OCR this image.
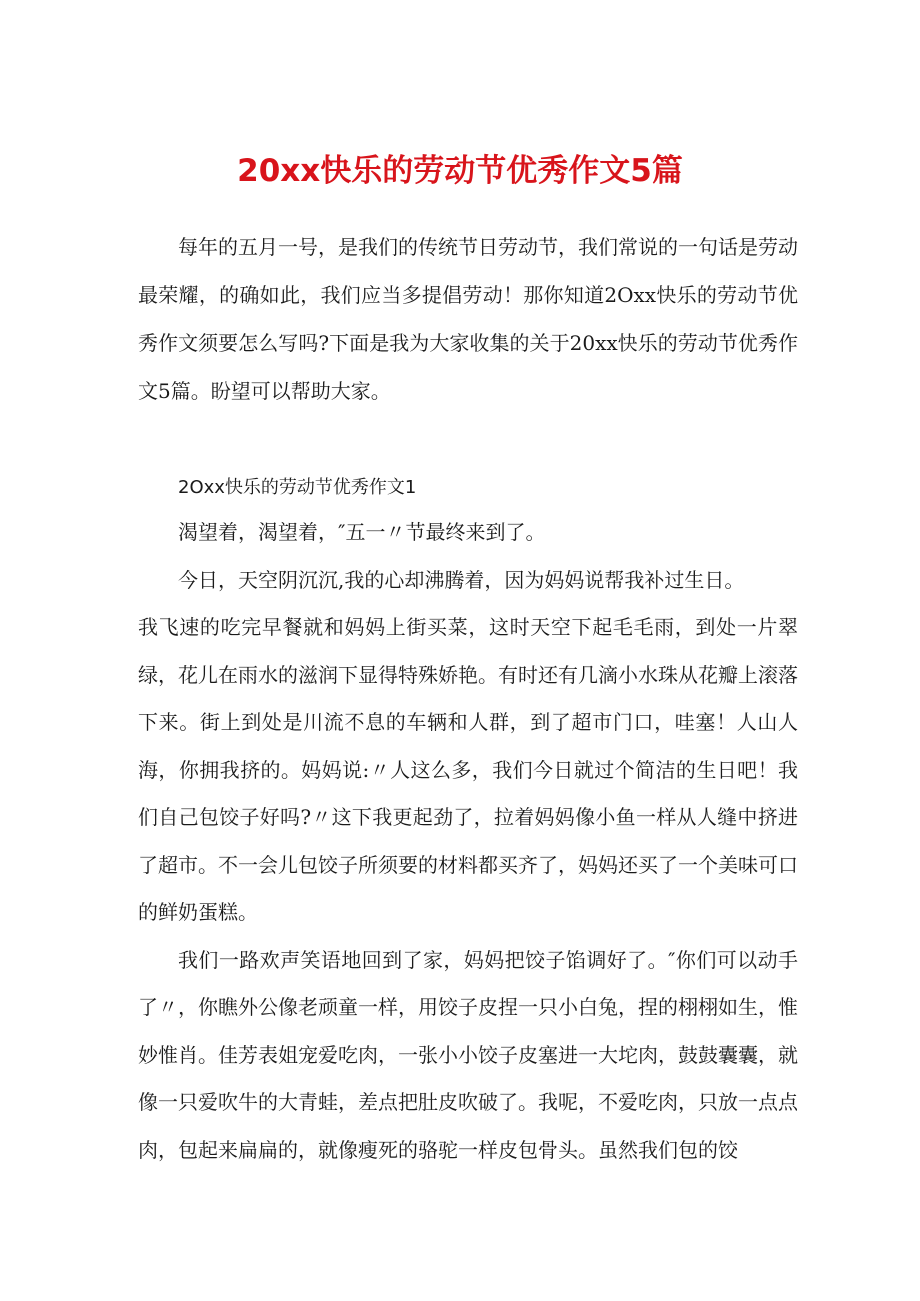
20xx快乐的劳动节优秀作文5篇

每年的五月一号，是我们的传统节日劳动节，我们常说的一句话是劳动最荣耀，的确如此，我们应当多提倡劳动！那你知道2Oxx快乐的劳动节优秀作文须要怎么写吗?下面是我为大家收集的关于20xx快乐的劳动节优秀作文5篇。盼望可以帮助大家。

2Oxx快乐的劳动节优秀作文1

渴望着，渴望着，″五一〃节最终来到了。

今日，天空阴沉沉,我的心却沸腾着，因为妈妈说帮我补过生日。

我飞速的吃完早餐就和妈妈上街买菜，这时天空下起毛毛雨，到处一片翠绿，花儿在雨水的滋润下显得特殊娇艳。有时还有几滴小水珠从花瓣上滚落下来。街上到处是川流不息的车辆和人群，到了超市门口，哇塞！人山人海，你拥我挤的。妈妈说:〃人这么多，我们今日就过个简洁的生日吧！我们自己包饺子好吗?〃这下我更起劲了，拉着妈妈像小鱼一样从人缝中挤进了超市。不一会儿包饺子所须要的材料都买齐了，妈妈还买了一个美味可口的鲜奶蛋糕。

我们一路欢声笑语地回到了家，妈妈把饺子馅调好了。″你们可以动手了〃，你瞧外公像老顽童一样，用饺子皮捏一只小白兔，捏的栩栩如生，惟妙惟肖。佳芳表姐宠爱吃肉，一张小小饺子皮塞进一大坨肉，鼓鼓囊囊，就像一只爱吹牛的大青蛙，差点把肚皮吹破了。我呢，不爱吃肉，只放一点点肉，包起来扁扁的，就像瘦死的骆驼一样皮包骨头。虽然我们包的饺
